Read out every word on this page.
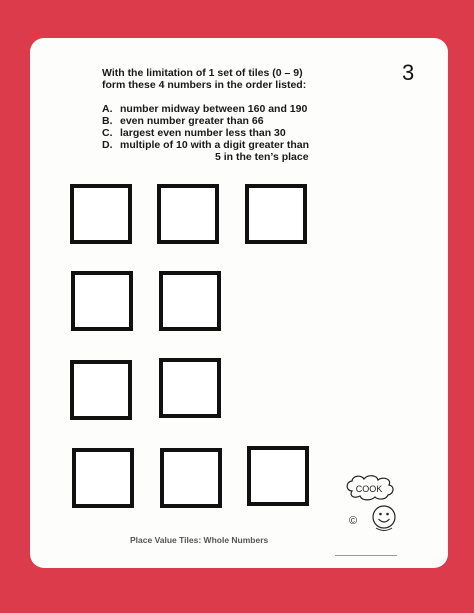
3
With the limitation of 1 set of tiles (0 – 9)
form these 4 numbers in the order listed:
A. number midway between 160 and 190
B. even number greater than 66
C. largest even number less than 30
D. multiple of 10 with a digit greater than
5 in the ten’s place
Place Value Tiles: Whole Numbers
COOK
©
